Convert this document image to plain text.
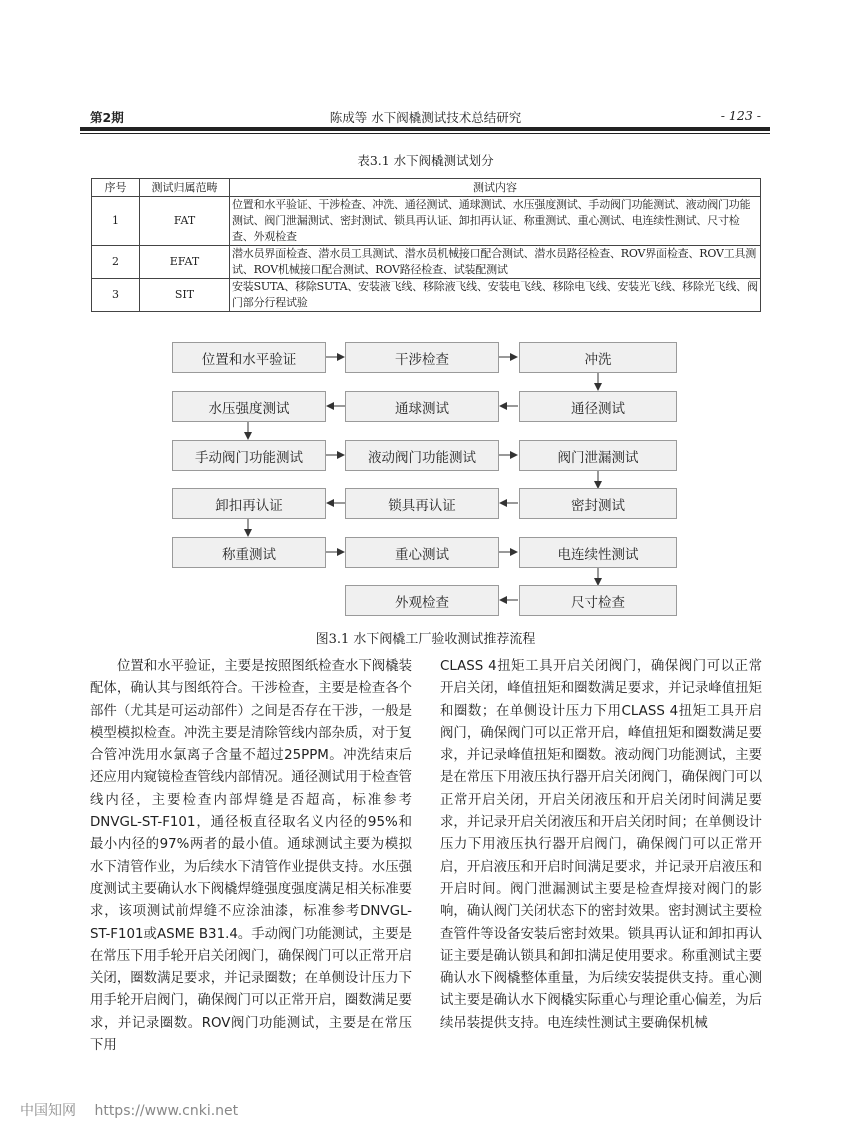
第2期	陈成等 水下阀橇测试技术总结研究	- 123 -
表3.1 水下阀橇测试划分
序号	测试归属范畴	测试内容
1	FAT	位置和水平验证、干涉检查、冲洗、通径测试、通球测试、水压强度测试、手动阀门功能测试、液动阀门功能测试、阀门泄漏测试、密封测试、锁具再认证、卸扣再认证、称重测试、重心测试、电连续性测试、尺寸检查、外观检查
2	EFAT	潜水员界面检查、潜水员工具测试、潜水员机械接口配合测试、潜水员路径检查、ROV界面检查、ROV工具测试、ROV机械接口配合测试、ROV路径检查、试装配测试
3	SIT	安装SUTA、移除SUTA、安装液飞线、移除液飞线、安装电飞线、移除电飞线、安装光飞线、移除光飞线、阀门部分行程试验
位置和水平验证	干涉检查	冲洗
通径测试
通球测试
水压强度测试
手动阀门功能测试	液动阀门功能测试	阀门泄漏测试
密封测试
锁具再认证
卸扣再认证
称重测试	重心测试	电连续性测试
尺寸检查
外观检查
图3.1 水下阀橇工厂验收测试推荐流程
位置和水平验证，主要是按照图纸检查水下阀橇装配体，确认其与图纸符合。干涉检查，主要是检查各个部件（尤其是可运动部件）之间是否存在干涉，一般是模型模拟检查。冲洗主要是清除管线内部杂质，对于复合管冲洗用水氯离子含量不超过25PPM。冲洗结束后还应用内窥镜检查管线内部情况。通径测试用于检查管线内径，主要检查内部焊缝是否超高，标准参考DNVGL-ST-F101，通径板直径取名义内径的95%和最小内径的97%两者的最小值。通球测试主要为模拟水下清管作业，为后续水下清管作业提供支持。水压强度测试主要确认水下阀橇焊缝强度强度满足相关标准要求，该项测试前焊缝不应涂油漆，标准参考DNVGL-ST-F101或ASME B31.4。手动阀门功能测试，主要是在常压下用手轮开启关闭阀门，确保阀门可以正常开启关闭，圈数满足要求，并记录圈数；在单侧设计压力下用手轮开启阀门，确保阀门可以正常开启，圈数满足要求，并记录圈数。ROV阀门功能测试，主要是在常压下用
CLASS 4扭矩工具开启关闭阀门，确保阀门可以正常开启关闭，峰值扭矩和圈数满足要求，并记录峰值扭矩和圈数；在单侧设计压力下用CLASS 4扭矩工具开启阀门，确保阀门可以正常开启，峰值扭矩和圈数满足要求，并记录峰值扭矩和圈数。液动阀门功能测试，主要是在常压下用液压执行器开启关闭阀门，确保阀门可以正常开启关闭，开启关闭液压和开启关闭时间满足要求，并记录开启关闭液压和开启关闭时间；在单侧设计压力下用液压执行器开启阀门，确保阀门可以正常开启，开启液压和开启时间满足要求，并记录开启液压和开启时间。阀门泄漏测试主要是检查焊接对阀门的影响，确认阀门关闭状态下的密封效果。密封测试主要检查管件等设备安装后密封效果。锁具再认证和卸扣再认证主要是确认锁具和卸扣满足使用要求。称重测试主要确认水下阀橇整体重量，为后续安装提供支持。重心测试主要是确认水下阀橇实际重心与理论重心偏差，为后续吊装提供支持。电连续性测试主要确保机械
中国知网 https://www.cnki.net
